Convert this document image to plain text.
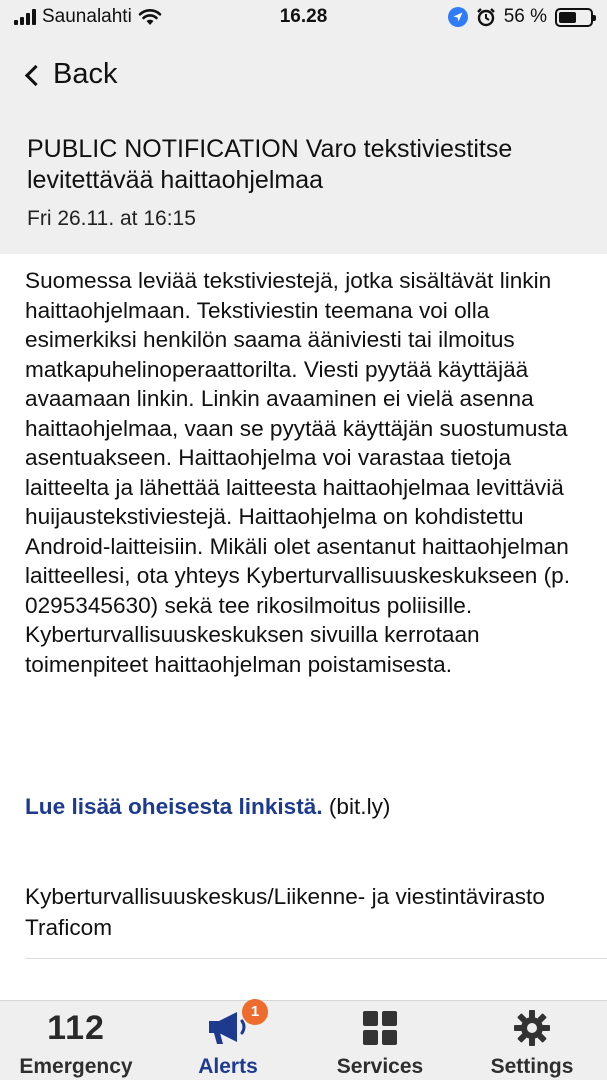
Saunalahti	16.28	56 %
Back
PUBLIC NOTIFICATION Varo tekstiviestitse levitettävää haittaohjelmaa
Fri 26.11. at 16:15
Suomessa leviää tekstiviestejä, jotka sisältävät linkin haittaohjelmaan. Tekstiviestin teemana voi olla esimerkiksi henkilön saama ääniviesti tai ilmoitus matkapuhelinoperaattorilta. Viesti pyytää käyttäjää avaamaan linkin. Linkin avaaminen ei vielä asenna haittaohjelmaa, vaan se pyytää käyttäjän suostumusta asentuakseen. Haittaohjelma voi varastaa tietoja laitteelta ja lähettää laitteesta haittaohjelmaa levittäviä huijaustekstiviestejä. Haittaohjelma on kohdistettu Android-laitteisiin. Mikäli olet asentanut haittaohjelman laitteellesi, ota yhteys Kyberturvallisuuskeskukseen (p. 0295345630) sekä tee rikosilmoitus poliisille. Kyberturvallisuuskeskuksen sivuilla kerrotaan toimenpiteet haittaohjelman poistamisesta.
Lue lisää oheisesta linkistä. (bit.ly)
Kyberturvallisuuskeskus/Liikenne- ja viestintävirasto Traficom
112
Emergency
1
Alerts	Services	Settings
